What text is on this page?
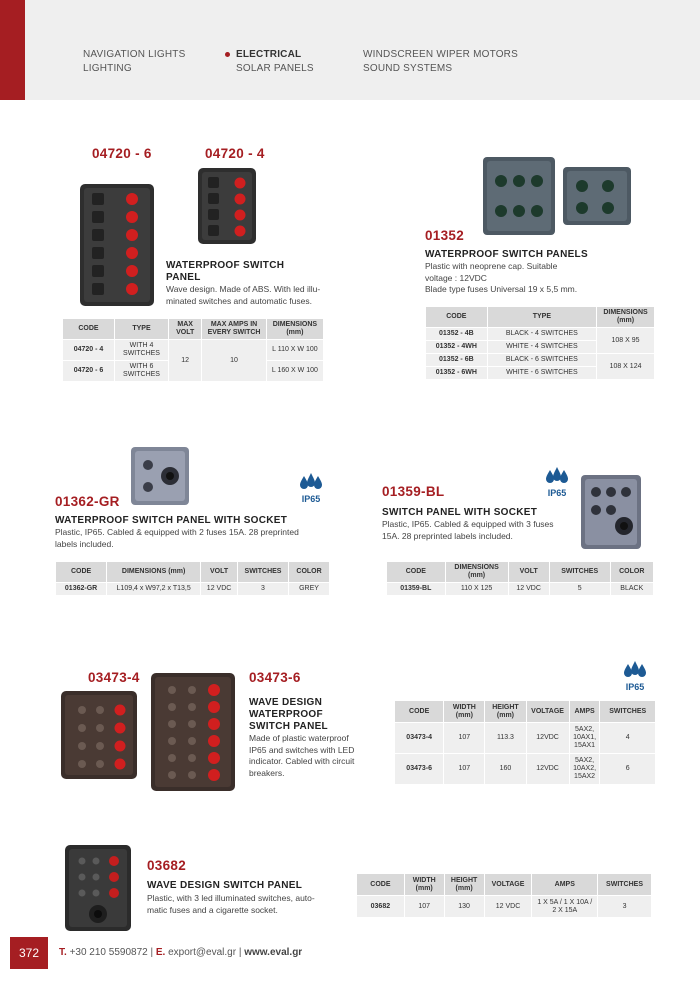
NAVIGATION LIGHTS
LIGHTING
ELECTRICAL
SOLAR PANELS
WINDSCREEN WIPER MOTORS
SOUND SYSTEMS
04720 - 6	04720 - 4
WATERPROOF SWITCH
PANEL
Wave design. Made of ABS. With led illu-
minated switches and automatic fuses.
CODE	TYPE	MAX VOLT	MAX AMPS IN EVERY SWITCH	DIMENSIONS (mm)
04720 - 4	WITH 4 SWITCHES	12	10	L 110 X W 100
04720 - 6	WITH 6 SWITCHES			L 160 X W 100
01352
WATERPROOF SWITCH PANELS
Plastic with neoprene cap. Suitable
voltage : 12VDC
Blade type fuses Universal 19 x 5,5 mm.
CODE	TYPE	DIMENSIONS (mm)
01352 - 4B	BLACK - 4 SWITCHES	108 X 95
01352 - 4WH	WHITE - 4 SWITCHES	
01352 - 6B	BLACK - 6 SWITCHES	108 X 124
01352 - 6WH	WHITE - 6 SWITCHES	
IP65
01362-GR
WATERPROOF SWITCH PANEL WITH SOCKET
Plastic, IP65. Cabled & equipped with 2 fuses 15A. 28 preprinted
labels included.
CODE	DIMENSIONS (mm)	VOLT	SWITCHES	COLOR
01362-GR	L109,4 x W97,2 x T13,5	12 VDC	3	GREY
IP65
01359-BL
SWITCH PANEL WITH SOCKET
Plastic, IP65. Cabled & equipped with 3 fuses
15A. 28 preprinted labels included.
CODE	DIMENSIONS (mm)	VOLT	SWITCHES	COLOR
01359-BL	110 X 125	12 VDC	5	BLACK
03473-4	03473-6
WAVE DESIGN
WATERPROOF
SWITCH PANEL
Made of plastic waterproof
IP65 and switches with LED
indicator. Cabled with circuit
breakers.
IP65
CODE	WIDTH (mm)	HEIGHT (mm)	VOLTAGE	AMPS	SWITCHES
03473-4	107	113.3	12VDC	5AX2, 10AX1, 15AX1	4
03473-6	107	160	12VDC	5AX2, 10AX2, 15AX2	6
03682
WAVE DESIGN SWITCH PANEL
Plastic, with 3 led illuminated switches, auto-
matic fuses and a cigarette socket.
CODE	WIDTH (mm)	HEIGHT (mm)	VOLTAGE	AMPS	SWITCHES
03682	107	130	12 VDC	1 X 5A / 1 X 10A / 2 X 15A	3
372	T. +30 210 5590872 | E. export@eval.gr | www.eval.gr
